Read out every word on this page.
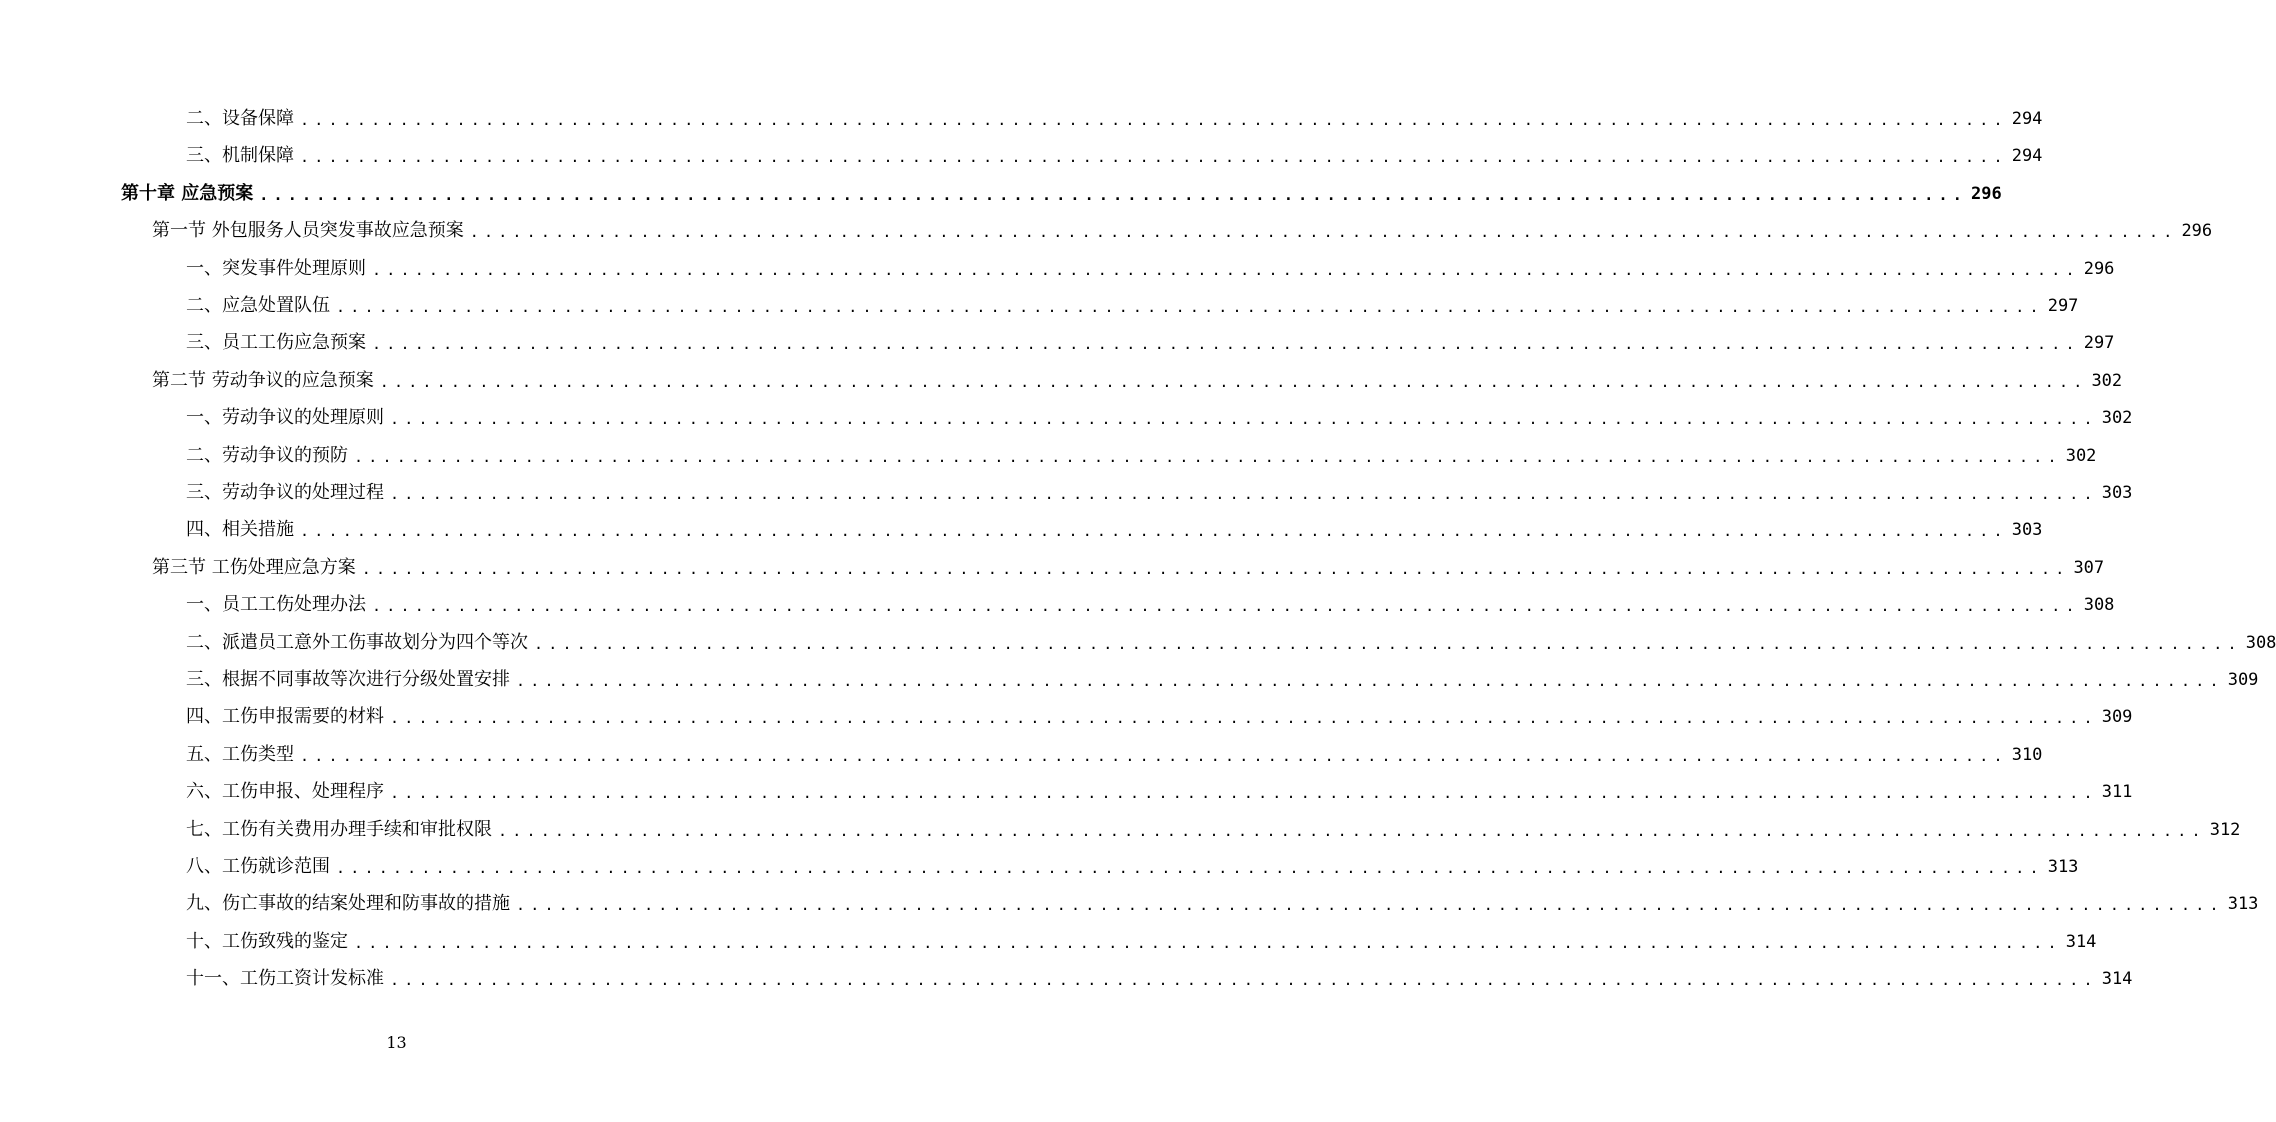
二、设备保障 ........................................................................................................................ 294
三、机制保障 ........................................................................................................................ 294
第十章 应急预案 ........................................................................................................................ 296
第一节 外包服务人员突发事故应急预案 ........................................................................................................................ 296
一、突发事件处理原则 ........................................................................................................................ 296
二、应急处置队伍 ........................................................................................................................ 297
三、员工工伤应急预案 ........................................................................................................................ 297
第二节 劳动争议的应急预案 ........................................................................................................................ 302
一、劳动争议的处理原则 ........................................................................................................................ 302
二、劳动争议的预防 ........................................................................................................................ 302
三、劳动争议的处理过程 ........................................................................................................................ 303
四、相关措施 ........................................................................................................................ 303
第三节 工伤处理应急方案 ........................................................................................................................ 307
一、员工工伤处理办法 ........................................................................................................................ 308
二、派遣员工意外工伤事故划分为四个等次 ........................................................................................................................ 308
三、根据不同事故等次进行分级处置安排 ........................................................................................................................ 309
四、工伤申报需要的材料 ........................................................................................................................ 309
五、工伤类型 ........................................................................................................................ 310
六、工伤申报、处理程序 ........................................................................................................................ 311
七、工伤有关费用办理手续和审批权限 ........................................................................................................................ 312
八、工伤就诊范围 ........................................................................................................................ 313
九、伤亡事故的结案处理和防事故的措施 ........................................................................................................................ 313
十、工伤致残的鉴定 ........................................................................................................................ 314
十一、工伤工资计发标准 ........................................................................................................................ 314
13
